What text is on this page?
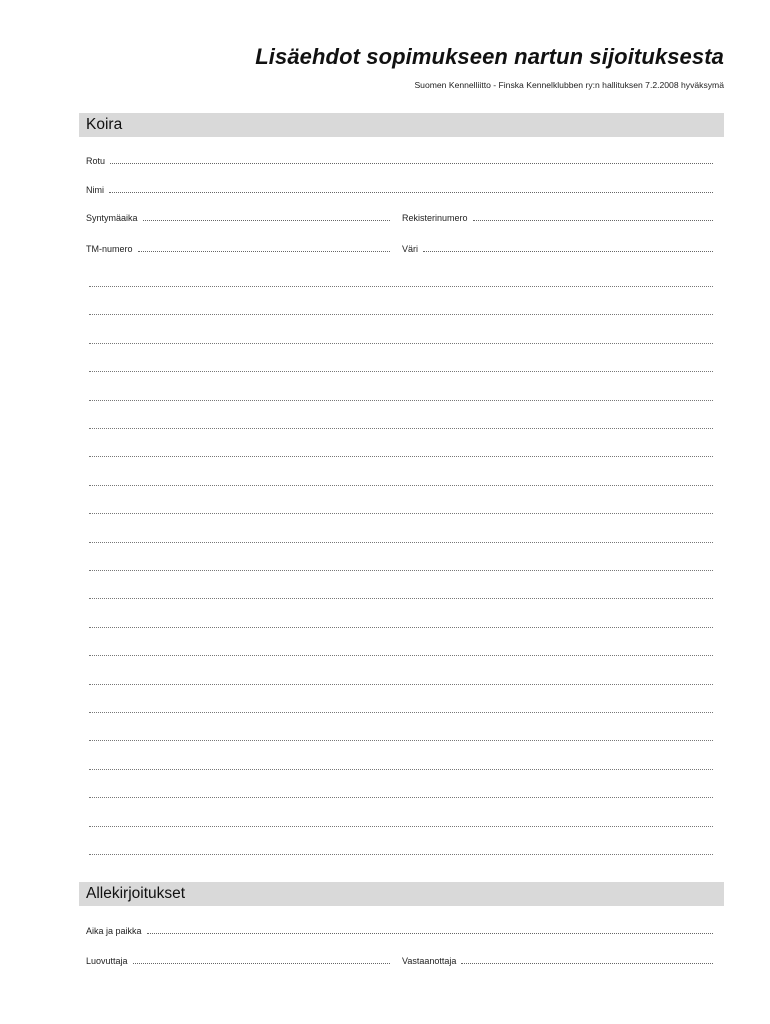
Lisäehdot sopimukseen nartun sijoituksesta
Suomen Kennelliitto - Finska Kennelklubben ry:n hallituksen 7.2.2008 hyväksymä
Koira
Rotu
Nimi
Syntymäaika	Rekisterinumero
TM-numero	Väri
Allekirjoitukset
Aika ja paikka
Luovuttaja	Vastaanottaja
